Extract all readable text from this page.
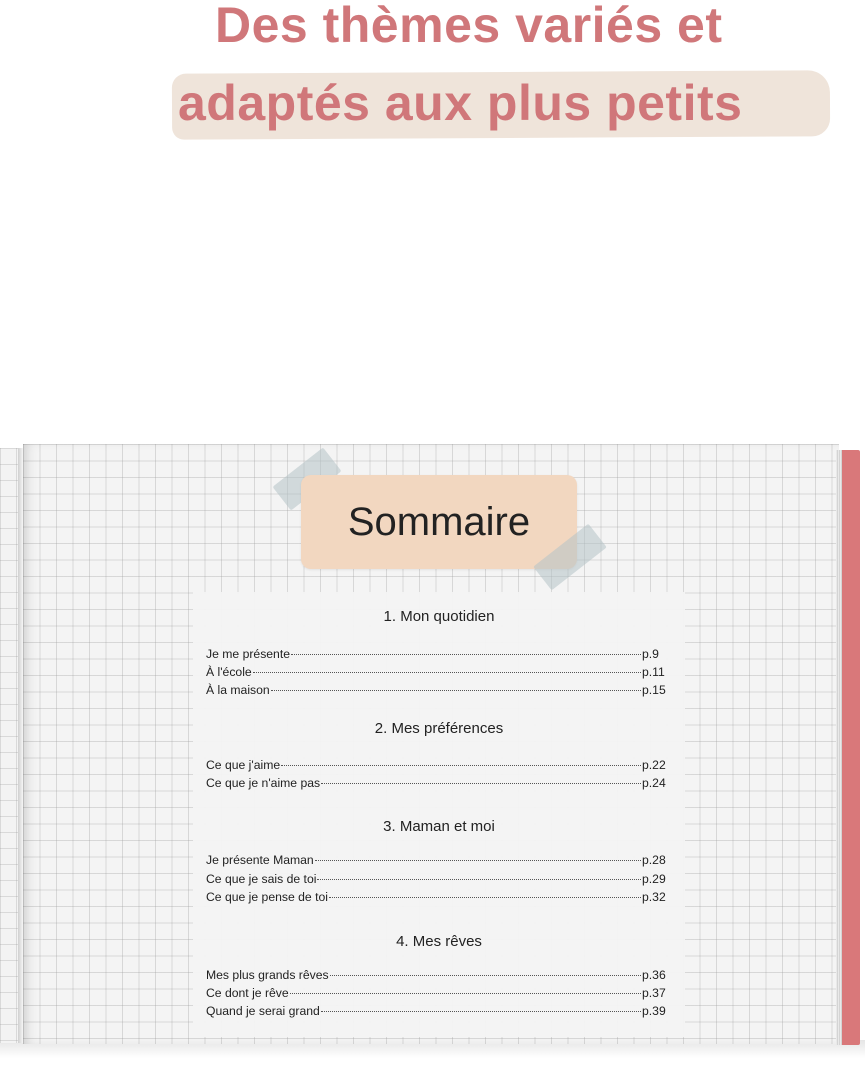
Des thèmes variés et
adaptés aux plus petits
Sommaire
1. Mon quotidien
Je me présente	p.9
À l'école	p.11
À la maison	p.15
2. Mes préférences
Ce que j'aime	p.22
Ce que je n'aime pas	p.24
3. Maman et moi
Je présente Maman	p.28
Ce que je sais de toi	p.29
Ce que je pense de toi	p.32
4. Mes rêves
Mes plus grands rêves	p.36
Ce dont je rêve	p.37
Quand je serai grand	p.39
